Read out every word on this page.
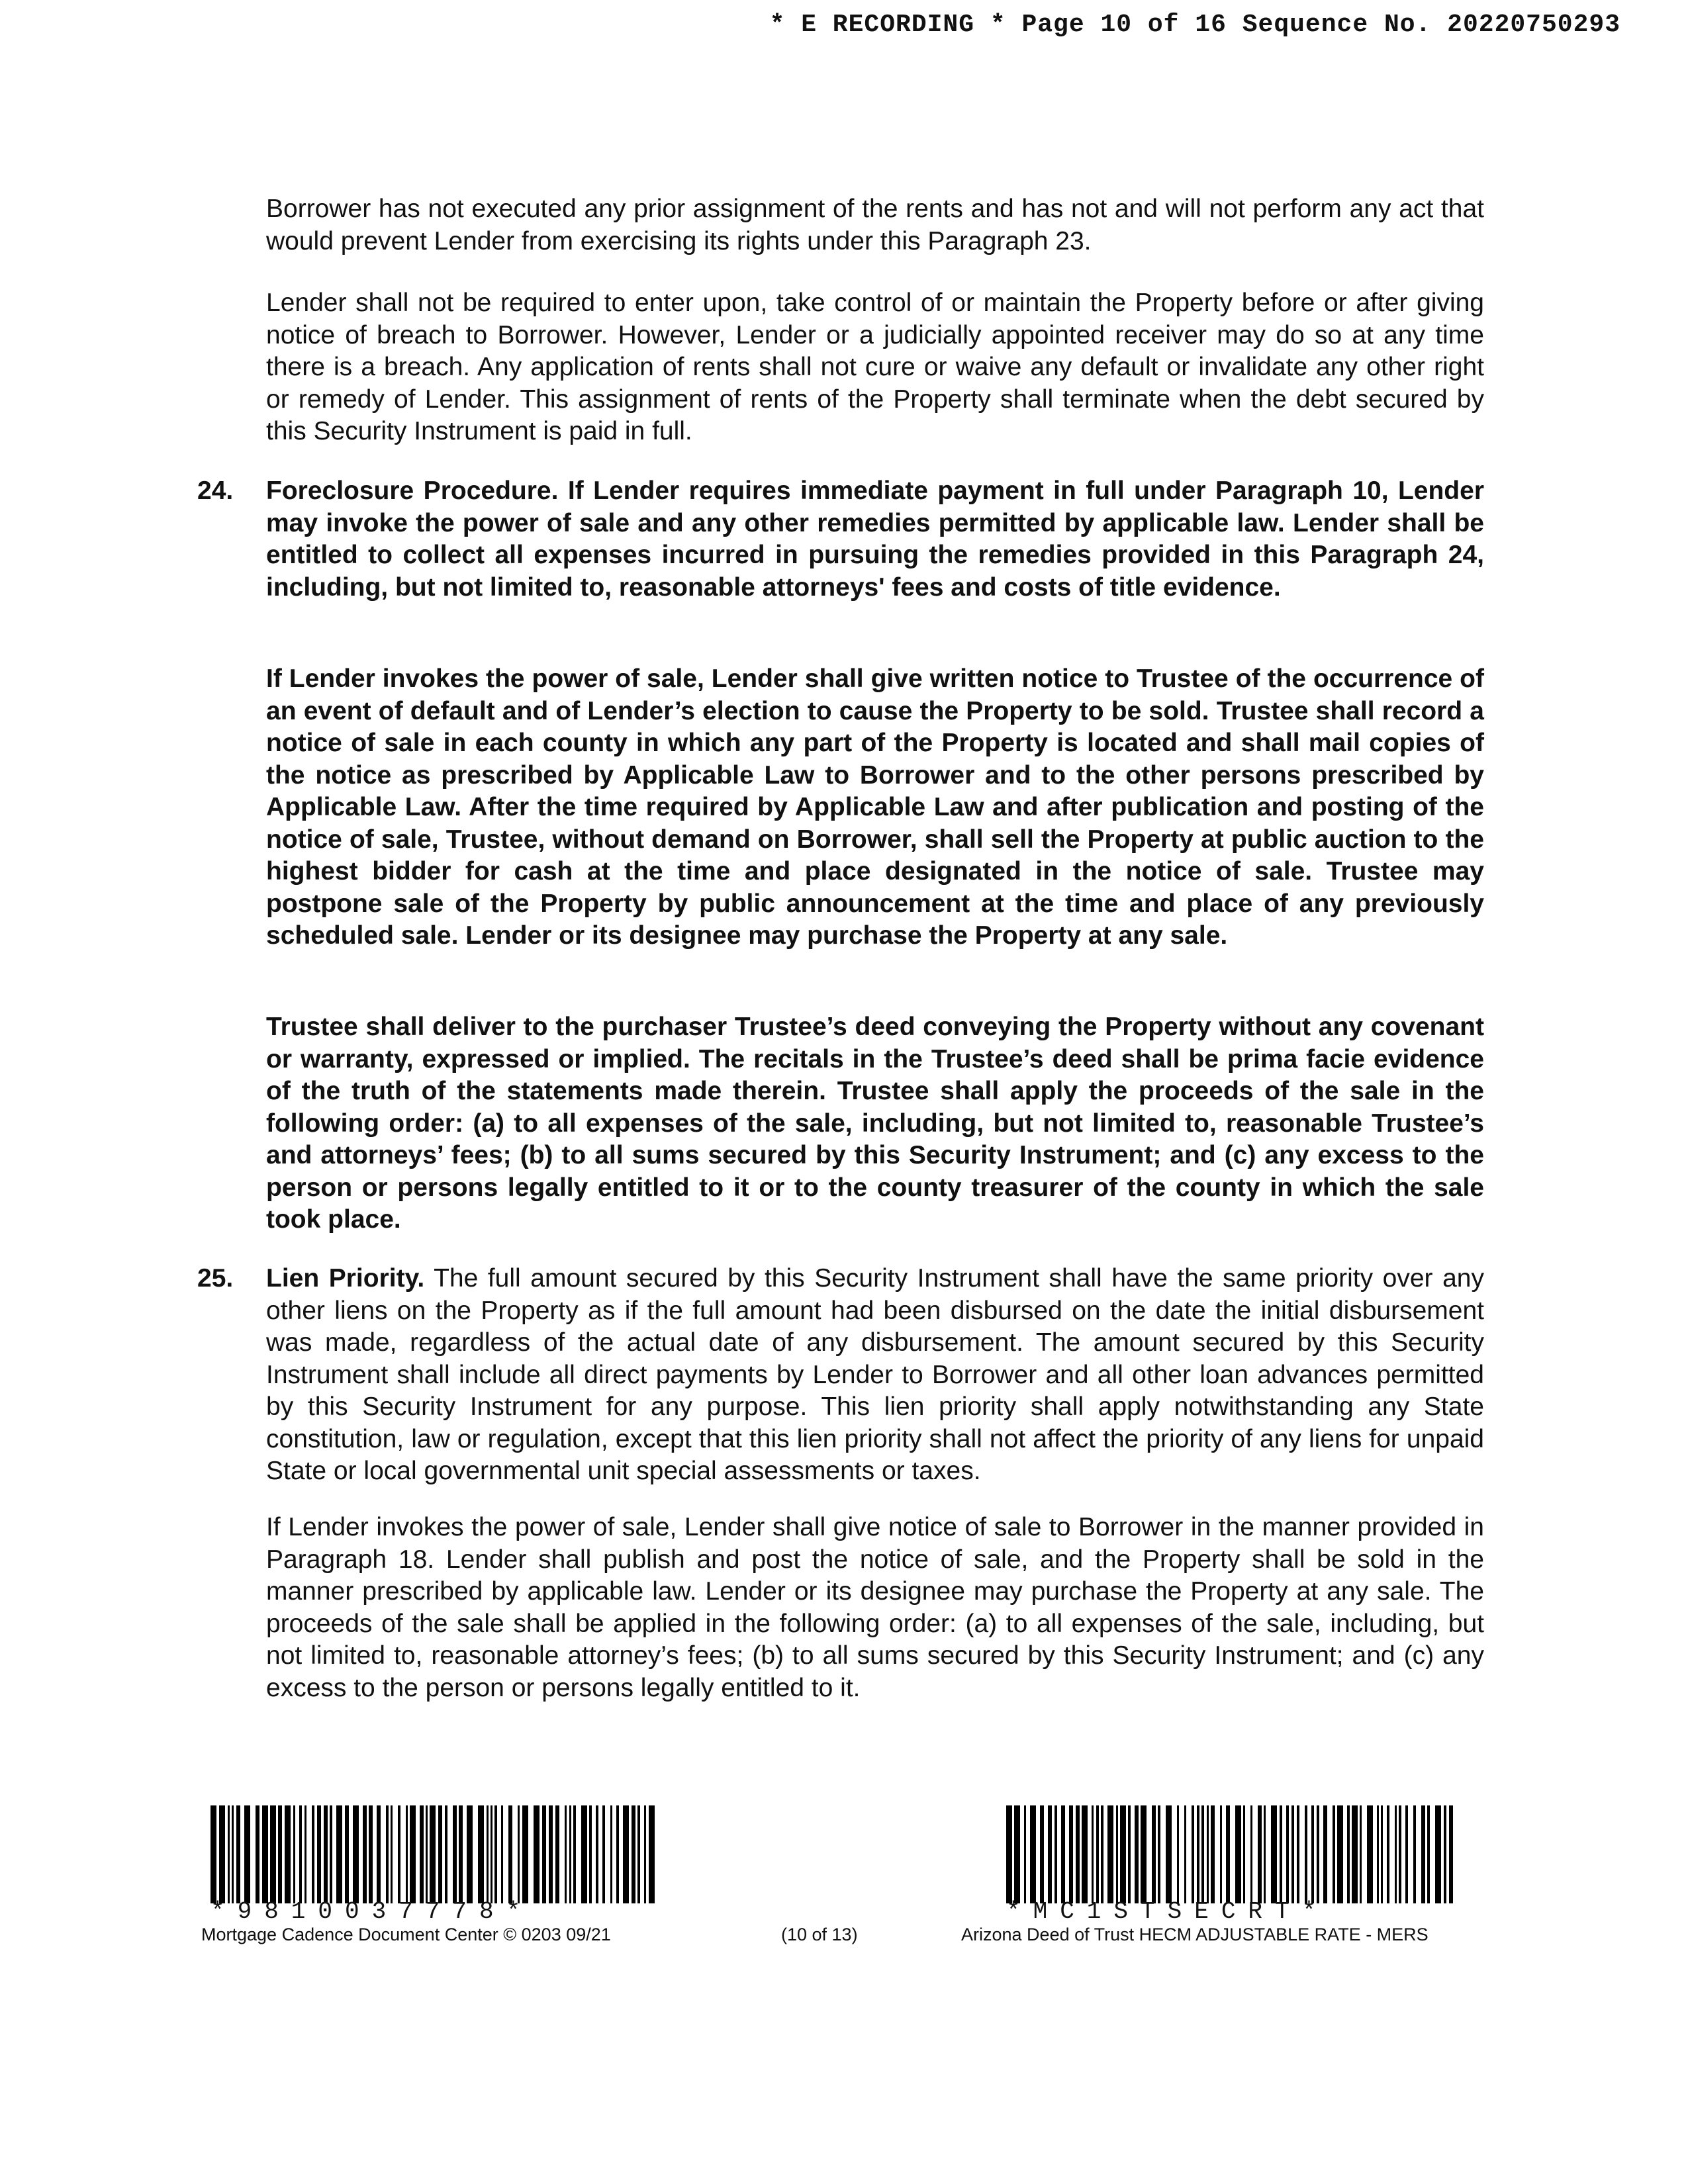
* E RECORDING * Page 10 of 16 Sequence No. 20220750293

Borrower has not executed any prior assignment of the rents and has not and will not perform any act that would prevent Lender from exercising its rights under this Paragraph 23.

Lender shall not be required to enter upon, take control of or maintain the Property before or after giving notice of breach to Borrower. However, Lender or a judicially appointed receiver may do so at any time there is a breach. Any application of rents shall not cure or waive any default or invalidate any other right or remedy of Lender. This assignment of rents of the Property shall terminate when the debt secured by this Security Instrument is paid in full.

24. Foreclosure Procedure. If Lender requires immediate payment in full under Paragraph 10, Lender may invoke the power of sale and any other remedies permitted by applicable law. Lender shall be entitled to collect all expenses incurred in pursuing the remedies provided in this Paragraph 24, including, but not limited to, reasonable attorneys' fees and costs of title evidence.

If Lender invokes the power of sale, Lender shall give written notice to Trustee of the occurrence of an event of default and of Lender’s election to cause the Property to be sold. Trustee shall record a notice of sale in each county in which any part of the Property is located and shall mail copies of the notice as prescribed by Applicable Law to Borrower and to the other persons prescribed by Applicable Law. After the time required by Applicable Law and after publication and posting of the notice of sale, Trustee, without demand on Borrower, shall sell the Property at public auction to the highest bidder for cash at the time and place designated in the notice of sale. Trustee may postpone sale of the Property by public announcement at the time and place of any previously scheduled sale. Lender or its designee may purchase the Property at any sale.

Trustee shall deliver to the purchaser Trustee’s deed conveying the Property without any covenant or warranty, expressed or implied. The recitals in the Trustee’s deed shall be prima facie evidence of the truth of the statements made therein. Trustee shall apply the proceeds of the sale in the following order: (a) to all expenses of the sale, including, but not limited to, reasonable Trustee’s and attorneys’ fees; (b) to all sums secured by this Security Instrument; and (c) any excess to the person or persons legally entitled to it or to the county treasurer of the county in which the sale took place.

25. Lien Priority. The full amount secured by this Security Instrument shall have the same priority over any other liens on the Property as if the full amount had been disbursed on the date the initial disbursement was made, regardless of the actual date of any disbursement. The amount secured by this Security Instrument shall include all direct payments by Lender to Borrower and all other loan advances permitted by this Security Instrument for any purpose. This lien priority shall apply notwithstanding any State constitution, law or regulation, except that this lien priority shall not affect the priority of any liens for unpaid State or local governmental unit special assessments or taxes.

If Lender invokes the power of sale, Lender shall give notice of sale to Borrower in the manner provided in Paragraph 18. Lender shall publish and post the notice of sale, and the Property shall be sold in the manner prescribed by applicable law. Lender or its designee may purchase the Property at any sale. The proceeds of the sale shall be applied in the following order: (a) to all expenses of the sale, including, but not limited to, reasonable attorney’s fees; (b) to all sums secured by this Security Instrument; and (c) any excess to the person or persons legally entitled to it.

*9810037778*	*MC1STSECRT*
Mortgage Cadence Document Center © 0203 09/21	(10 of 13)	Arizona Deed of Trust HECM ADJUSTABLE RATE - MERS
